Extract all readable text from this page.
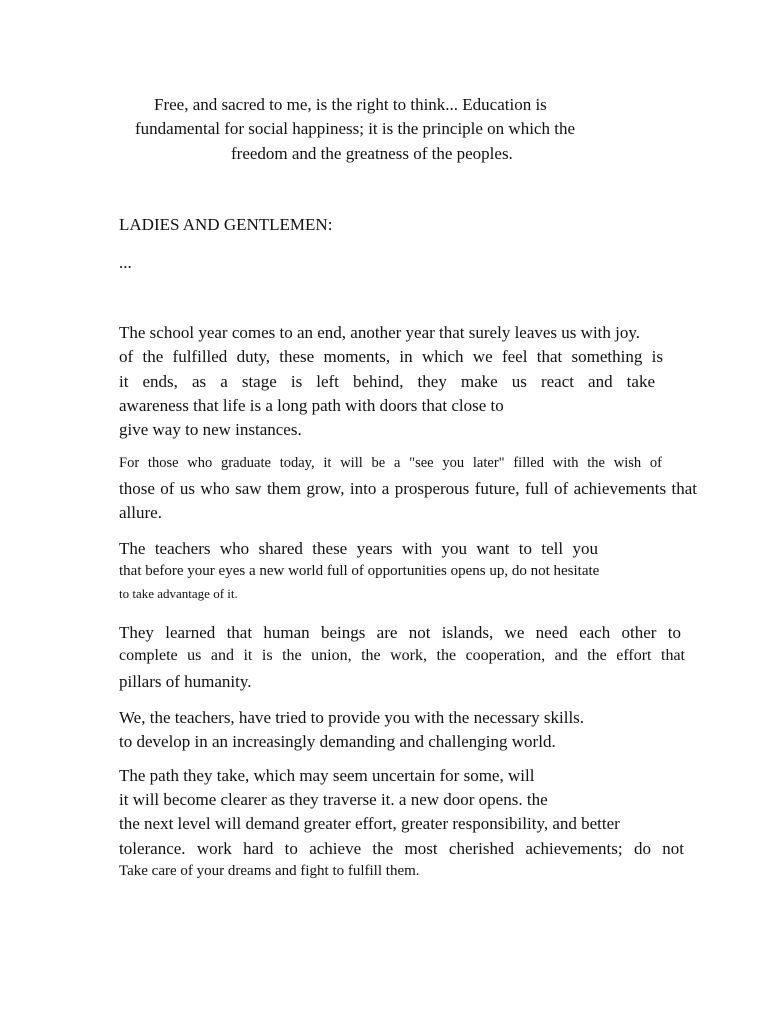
Free, and sacred to me, is the right to think... Education is
fundamental for social happiness; it is the principle on which the
freedom and the greatness of the peoples.
LADIES AND GENTLEMEN:
...
The school year comes to an end, another year that surely leaves us with joy.
of the fulfilled duty, these moments, in which we feel that something is
it ends, as a stage is left behind, they make us react and take
awareness that life is a long path with doors that close to
give way to new instances.
For those who graduate today, it will be a "see you later" filled with the wish of
those of us who saw them grow, into a prosperous future, full of achievements that
allure.
The teachers who shared these years with you want to tell you
that before your eyes a new world full of opportunities opens up, do not hesitate
to take advantage of it.
They learned that human beings are not islands, we need each other to
complete us and it is the union, the work, the cooperation, and the effort that
pillars of humanity.
We, the teachers, have tried to provide you with the necessary skills.
to develop in an increasingly demanding and challenging world.
The path they take, which may seem uncertain for some, will
it will become clearer as they traverse it. a new door opens. the
the next level will demand greater effort, greater responsibility, and better
tolerance. work hard to achieve the most cherished achievements; do not
Take care of your dreams and fight to fulfill them.
